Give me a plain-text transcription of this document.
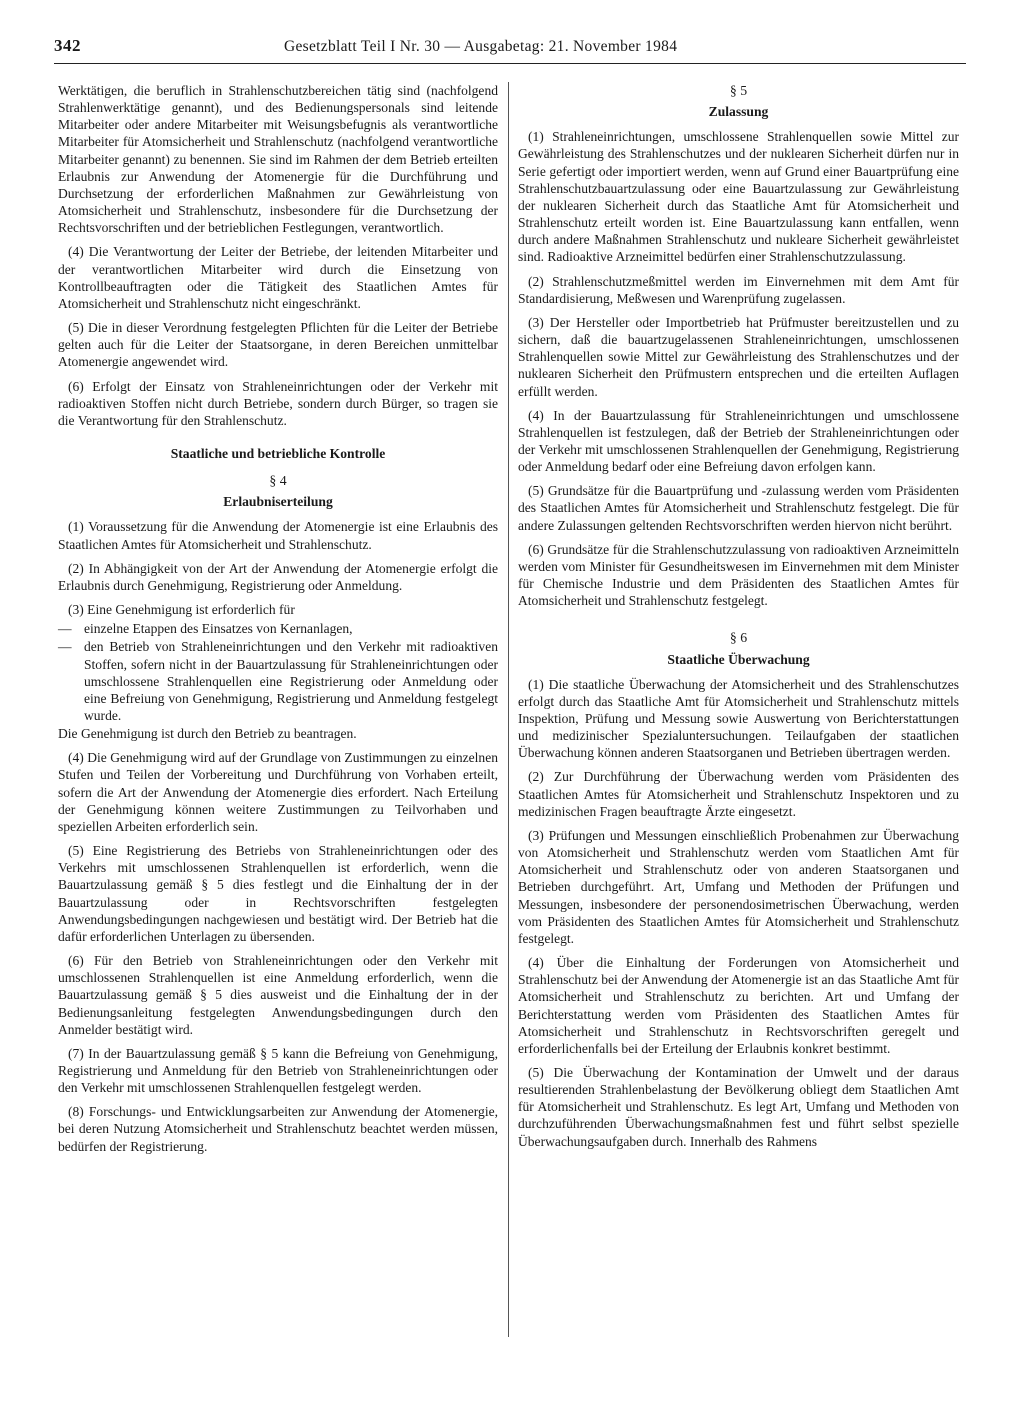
342	Gesetzblatt Teil I Nr. 30 — Ausgabetag: 21. November 1984

Werktätigen, die beruflich in Strahlenschutzbereichen tätig sind (nachfolgend Strahlenwerktätige genannt), und des Bedienungspersonals sind leitende Mitarbeiter oder andere Mitarbeiter mit Weisungsbefugnis als verantwortliche Mitarbeiter für Atomsicherheit und Strahlenschutz (nachfolgend verantwortliche Mitarbeiter genannt) zu benennen. Sie sind im Rahmen der dem Betrieb erteilten Erlaubnis zur Anwendung der Atomenergie für die Durchführung und Durchsetzung der erforderlichen Maßnahmen zur Gewährleistung von Atomsicherheit und Strahlenschutz, insbesondere für die Durchsetzung der Rechtsvorschriften und der betrieblichen Festlegungen, verantwortlich.

(4) Die Verantwortung der Leiter der Betriebe, der leitenden Mitarbeiter und der verantwortlichen Mitarbeiter wird durch die Einsetzung von Kontrollbeauftragten oder die Tätigkeit des Staatlichen Amtes für Atomsicherheit und Strahlenschutz nicht eingeschränkt.

(5) Die in dieser Verordnung festgelegten Pflichten für die Leiter der Betriebe gelten auch für die Leiter der Staatsorgane, in deren Bereichen unmittelbar Atomenergie angewendet wird.

(6) Erfolgt der Einsatz von Strahleneinrichtungen oder der Verkehr mit radioaktiven Stoffen nicht durch Betriebe, sondern durch Bürger, so tragen sie die Verantwortung für den Strahlenschutz.

Staatliche und betriebliche Kontrolle
§ 4
Erlaubniserteilung

(1) Voraussetzung für die Anwendung der Atomenergie ist eine Erlaubnis des Staatlichen Amtes für Atomsicherheit und Strahlenschutz.

(2) In Abhängigkeit von der Art der Anwendung der Atomenergie erfolgt die Erlaubnis durch Genehmigung, Registrierung oder Anmeldung.

(3) Eine Genehmigung ist erforderlich für

— einzelne Etappen des Einsatzes von Kernanlagen,
— den Betrieb von Strahleneinrichtungen und den Verkehr mit radioaktiven Stoffen, sofern nicht in der Bauartzulassung für Strahleneinrichtungen oder umschlossene Strahlenquellen eine Registrierung oder Anmeldung oder eine Befreiung von Genehmigung, Registrierung und Anmeldung festgelegt wurde.

Die Genehmigung ist durch den Betrieb zu beantragen.

(4) Die Genehmigung wird auf der Grundlage von Zustimmungen zu einzelnen Stufen und Teilen der Vorbereitung und Durchführung von Vorhaben erteilt, sofern die Art der Anwendung der Atomenergie dies erfordert. Nach Erteilung der Genehmigung können weitere Zustimmungen zu Teilvorhaben und speziellen Arbeiten erforderlich sein.

(5) Eine Registrierung des Betriebs von Strahleneinrichtungen oder des Verkehrs mit umschlossenen Strahlenquellen ist erforderlich, wenn die Bauartzulassung gemäß § 5 dies festlegt und die Einhaltung der in der Bauartzulassung oder in Rechtsvorschriften festgelegten Anwendungsbedingungen nachgewiesen und bestätigt wird. Der Betrieb hat die dafür erforderlichen Unterlagen zu übersenden.

(6) Für den Betrieb von Strahleneinrichtungen oder den Verkehr mit umschlossenen Strahlenquellen ist eine Anmeldung erforderlich, wenn die Bauartzulassung gemäß § 5 dies ausweist und die Einhaltung der in der Bedienungsanleitung festgelegten Anwendungsbedingungen durch den Anmelder bestätigt wird.

(7) In der Bauartzulassung gemäß § 5 kann die Befreiung von Genehmigung, Registrierung und Anmeldung für den Betrieb von Strahleneinrichtungen oder den Verkehr mit umschlossenen Strahlenquellen festgelegt werden.

(8) Forschungs- und Entwicklungsarbeiten zur Anwendung der Atomenergie, bei deren Nutzung Atomsicherheit und Strahlenschutz beachtet werden müssen, bedürfen der Registrierung.

§ 5
Zulassung

(1) Strahleneinrichtungen, umschlossene Strahlenquellen sowie Mittel zur Gewährleistung des Strahlenschutzes und der nuklearen Sicherheit dürfen nur in Serie gefertigt oder importiert werden, wenn auf Grund einer Bauartprüfung eine Strahlenschutzbauartzulassung oder eine Bauartzulassung zur Gewährleistung der nuklearen Sicherheit durch das Staatliche Amt für Atomsicherheit und Strahlenschutz erteilt worden ist. Eine Bauartzulassung kann entfallen, wenn durch andere Maßnahmen Strahlenschutz und nukleare Sicherheit gewährleistet sind. Radioaktive Arzneimittel bedürfen einer Strahlenschutzzulassung.

(2) Strahlenschutzmeßmittel werden im Einvernehmen mit dem Amt für Standardisierung, Meßwesen und Warenprüfung zugelassen.

(3) Der Hersteller oder Importbetrieb hat Prüfmuster bereitzustellen und zu sichern, daß die bauartzugelassenen Strahleneinrichtungen, umschlossenen Strahlenquellen sowie Mittel zur Gewährleistung des Strahlenschutzes und der nuklearen Sicherheit den Prüfmustern entsprechen und die erteilten Auflagen erfüllt werden.

(4) In der Bauartzulassung für Strahleneinrichtungen und umschlossene Strahlenquellen ist festzulegen, daß der Betrieb der Strahleneinrichtungen oder der Verkehr mit umschlossenen Strahlenquellen der Genehmigung, Registrierung oder Anmeldung bedarf oder eine Befreiung davon erfolgen kann.

(5) Grundsätze für die Bauartprüfung und -zulassung werden vom Präsidenten des Staatlichen Amtes für Atomsicherheit und Strahlenschutz festgelegt. Die für andere Zulassungen geltenden Rechtsvorschriften werden hiervon nicht berührt.

(6) Grundsätze für die Strahlenschutzzulassung von radioaktiven Arzneimitteln werden vom Minister für Gesundheitswesen im Einvernehmen mit dem Minister für Chemische Industrie und dem Präsidenten des Staatlichen Amtes für Atomsicherheit und Strahlenschutz festgelegt.

§ 6
Staatliche Überwachung

(1) Die staatliche Überwachung der Atomsicherheit und des Strahlenschutzes erfolgt durch das Staatliche Amt für Atomsicherheit und Strahlenschutz mittels Inspektion, Prüfung und Messung sowie Auswertung von Berichterstattungen und medizinischer Spezialuntersuchungen. Teilaufgaben der staatlichen Überwachung können anderen Staatsorganen und Betrieben übertragen werden.

(2) Zur Durchführung der Überwachung werden vom Präsidenten des Staatlichen Amtes für Atomsicherheit und Strahlenschutz Inspektoren und zu medizinischen Fragen beauftragte Ärzte eingesetzt.

(3) Prüfungen und Messungen einschließlich Probenahmen zur Überwachung von Atomsicherheit und Strahlenschutz werden vom Staatlichen Amt für Atomsicherheit und Strahlenschutz oder von anderen Staatsorganen und Betrieben durchgeführt. Art, Umfang und Methoden der Prüfungen und Messungen, insbesondere der personendosimetrischen Überwachung, werden vom Präsidenten des Staatlichen Amtes für Atomsicherheit und Strahlenschutz festgelegt.

(4) Über die Einhaltung der Forderungen von Atomsicherheit und Strahlenschutz bei der Anwendung der Atomenergie ist an das Staatliche Amt für Atomsicherheit und Strahlenschutz zu berichten. Art und Umfang der Berichterstattung werden vom Präsidenten des Staatlichen Amtes für Atomsicherheit und Strahlenschutz in Rechtsvorschriften geregelt und erforderlichenfalls bei der Erteilung der Erlaubnis konkret bestimmt.

(5) Die Überwachung der Kontamination der Umwelt und der daraus resultierenden Strahlenbelastung der Bevölkerung obliegt dem Staatlichen Amt für Atomsicherheit und Strahlenschutz. Es legt Art, Umfang und Methoden von durchzuführenden Überwachungsmaßnahmen fest und führt selbst spezielle Überwachungsaufgaben durch. Innerhalb des Rahmens
